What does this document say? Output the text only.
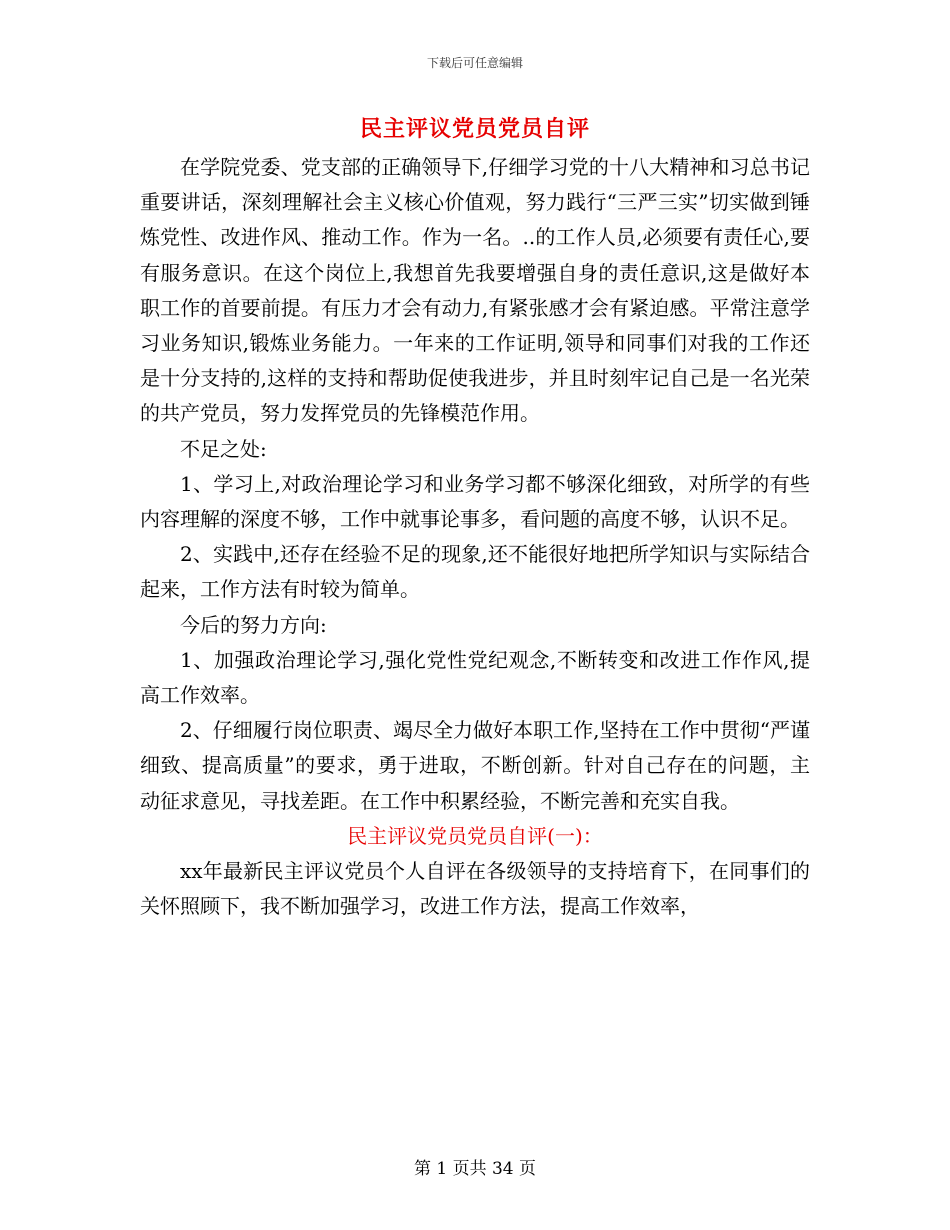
下载后可任意编辑
民主评议党员党员自评

在学院党委、党支部的正确领导下,仔细学习党的十八大精神和习总书记重要讲话，深刻理解社会主义核心价值观，努力践行“三严三实”切实做到锤炼党性、改进作风、推动工作。作为一名。..的工作人员,必须要有责任心,要有服务意识。在这个岗位上,我想首先我要增强自身的责任意识,这是做好本职工作的首要前提。有压力才会有动力,有紧张感才会有紧迫感。平常注意学习业务知识,锻炼业务能力。一年来的工作证明,领导和同事们对我的工作还是十分支持的,这样的支持和帮助促使我进步，并且时刻牢记自己是一名光荣的共产党员，努力发挥党员的先锋模范作用。

不足之处:

1、学习上,对政治理论学习和业务学习都不够深化细致，对所学的有些内容理解的深度不够，工作中就事论事多，看问题的高度不够，认识不足。

2、实践中,还存在经验不足的现象,还不能很好地把所学知识与实际结合起来，工作方法有时较为简单。

今后的努力方向:

1、加强政治理论学习,强化党性党纪观念,不断转变和改进工作作风,提高工作效率。

2、仔细履行岗位职责、竭尽全力做好本职工作,坚持在工作中贯彻“严谨细致、提高质量”的要求，勇于进取，不断创新。针对自己存在的问题，主动征求意见，寻找差距。在工作中积累经验，不断完善和充实自我。

民主评议党员党员自评(一)：

xx年最新民主评议党员个人自评在各级领导的支持培育下，在同事们的关怀照顾下，我不断加强学习，改进工作方法，提高工作效率，

第 1 页共 34 页
